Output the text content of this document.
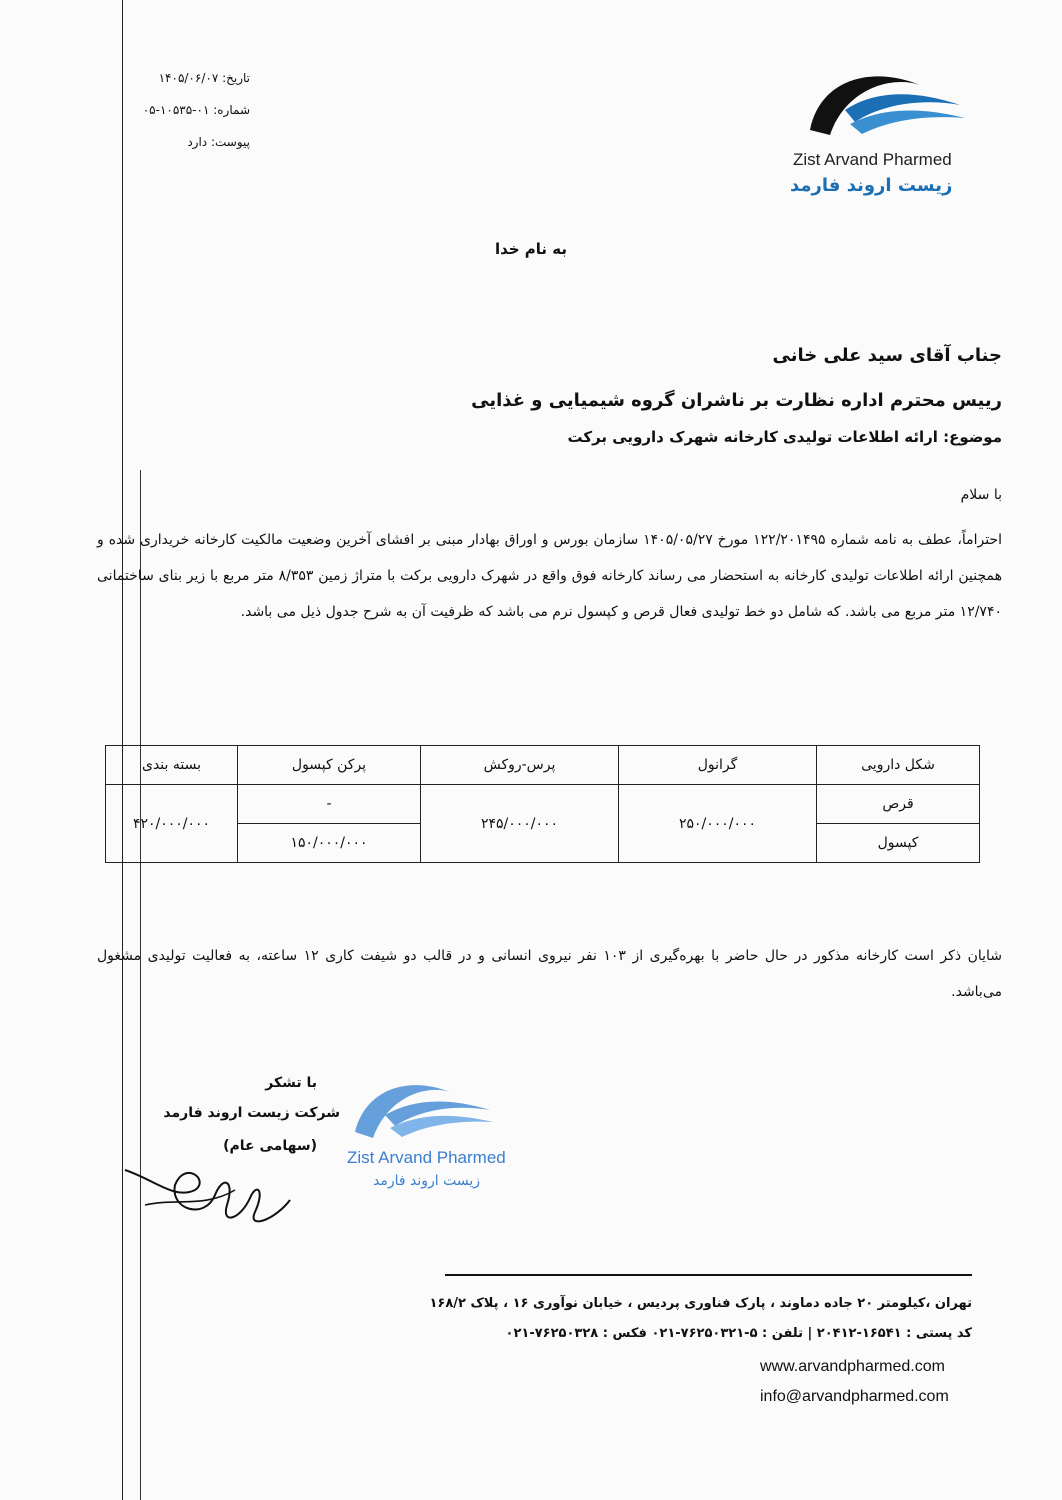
تاریخ: ۱۴۰۵/۰۶/۰۷
شماره: ۰۱-۱۰۵۳۵-۰۵
پیوست: دارد
Zist Arvand Pharmed
زیست اروند فارمد
به نام خدا
جناب آقای سید علی خانی
رییس محترم اداره نظارت بر ناشران گروه شیمیایی و غذایی
موضوع: ارائه اطلاعات تولیدی کارخانه شهرک دارویی برکت
با سلام
احتراماً، عطف به نامه شماره ۱۲۲/۲۰۱۴۹۵ مورخ ۱۴۰۵/۰۵/۲۷ سازمان بورس و اوراق بهادار مبنی بر افشای آخرین وضعیت مالکیت کارخانه خریداری شده و همچنین ارائه اطلاعات تولیدی کارخانه به استحضار می رساند کارخانه فوق واقع در شهرک دارویی برکت با متراژ زمین ۸/۳۵۳ متر مربع با زیر بنای ساختمانی ۱۲/۷۴۰ متر مربع می باشد. که شامل دو خط تولیدی فعال قرص و کپسول نرم می باشد که ظرفیت آن به شرح جدول ذیل می باشد.
شکل دارویی	گرانول	پرس-روکش	پرکن کپسول	بسته بندی
قرص	۲۵۰/۰۰۰/۰۰۰	۲۴۵/۰۰۰/۰۰۰	-	۴۲۰/۰۰۰/۰۰۰
کپسول			۱۵۰/۰۰۰/۰۰۰	
شایان ذکر است کارخانه مذکور در حال حاضر با بهره‌گیری از ۱۰۳ نفر نیروی انسانی و در قالب دو شیفت کاری ۱۲ ساعته، به فعالیت تولیدی مشغول می‌باشد.
با تشکر
شرکت زیست اروند فارمد
(سهامی عام)
Zist Arvand Pharmed
زیست اروند فارمد
تهران ،کیلومتر ۲۰ جاده دماوند ، پارک فناوری پردیس ، خیابان نوآوری ۱۶ ، پلاک ۱۶۸/۲
کد پستی : ۱۶۵۴۱-۲۰۴۱۲ | تلفن : ۵-۷۶۲۵۰۳۲۱-۰۲۱ فکس : ۷۶۲۵۰۳۲۸-۰۲۱
www.arvandpharmed.com
info@arvandpharmed.com
